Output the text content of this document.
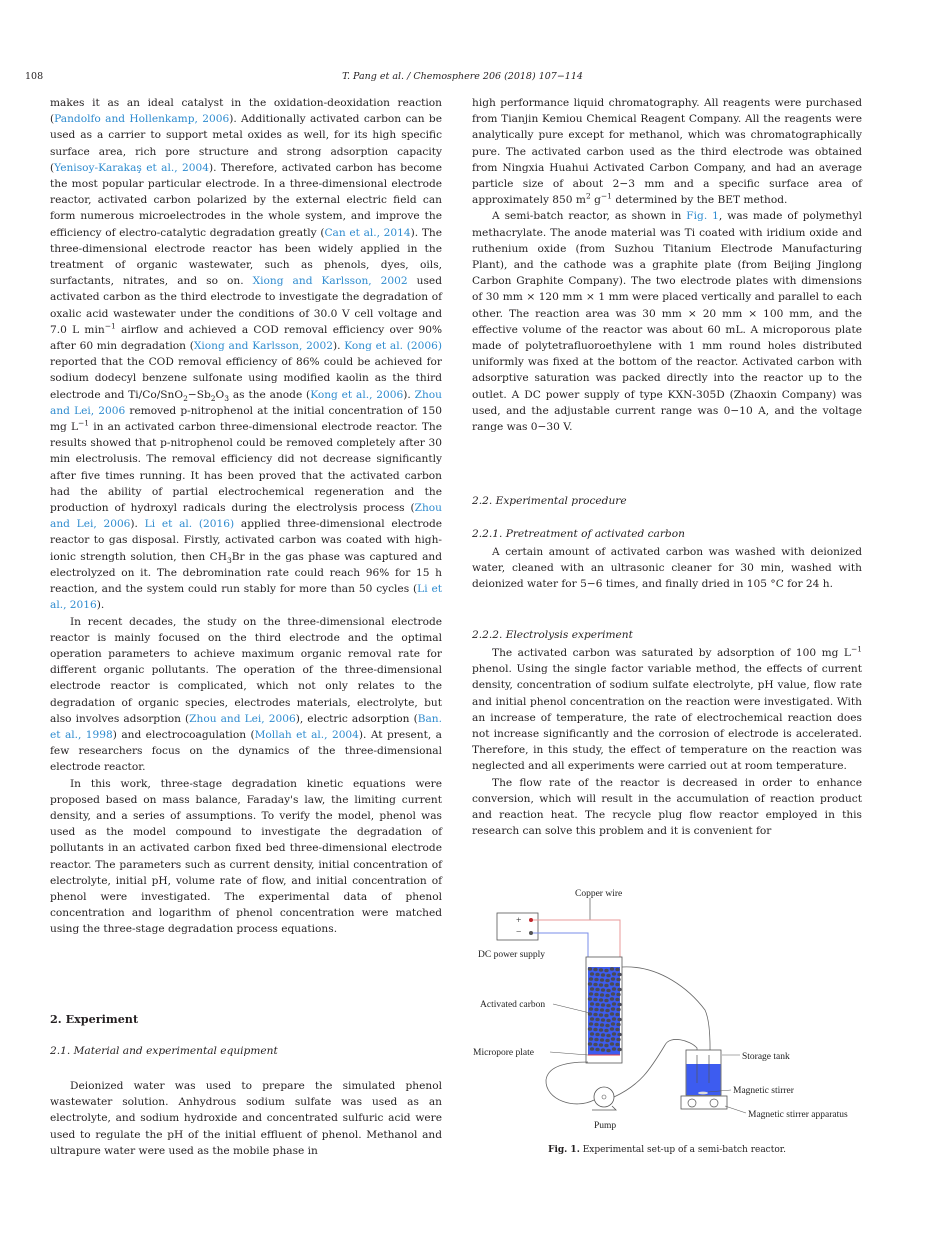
108	T. Pang et al. / Chemosphere 206 (2018) 107−114

makes it as an ideal catalyst in the oxidation-deoxidation reaction (Pandolfo and Hollenkamp, 2006). Additionally activated carbon can be used as a carrier to support metal oxides as well, for its high specific surface area, rich pore structure and strong adsorption capacity (Yenisoy-Karakaş et al., 2004). Therefore, activated carbon has become the most popular particular electrode. In a three-dimensional electrode reactor, activated carbon polarized by the external electric field can form numerous microelectrodes in the whole system, and improve the efficiency of electro-catalytic degradation greatly (Can et al., 2014). The three-dimensional electrode reactor has been widely applied in the treatment of organic wastewater, such as phenols, dyes, oils, surfactants, nitrates, and so on. Xiong and Karlsson, 2002 used activated carbon as the third electrode to investigate the degradation of oxalic acid wastewater under the conditions of 30.0 V cell voltage and 7.0 L $\min^{-1}$ airflow and achieved a COD removal efficiency over 90% after 60 min degradation (Xiong and Karlsson, 2002). Kong et al. (2006) reported that the COD removal efficiency of 86% could be achieved for sodium dodecyl benzene sulfonate using modified kaolin as the third electrode and $Ti/Co/SnO_2-Sb_2O_3$ as the anode (Kong et al., 2006). Zhou and Lei, 2006 removed p-nitrophenol at the initial concentration of 150 mg $L^{-1}$ in an activated carbon three-dimensional electrode reactor. The results showed that p-nitrophenol could be removed completely after 30 min electrolusis. The removal efficiency did not decrease significantly after five times running. It has been proved that the activated carbon had the ability of partial electrochemical regeneration and the production of hydroxyl radicals during the electrolysis process (Zhou and Lei, 2006). Li et al. (2016) applied three-dimensional electrode reactor to gas disposal. Firstly, activated carbon was coated with high-ionic strength solution, then $CH_3Br$ in the gas phase was captured and electrolyzed on it. The debromination rate could reach 96% for 15 h reaction, and the system could run stably for more than 50 cycles (Li et al., 2016).

In recent decades, the study on the three-dimensional electrode reactor is mainly focused on the third electrode and the optimal operation parameters to achieve maximum organic removal rate for different organic pollutants. The operation of the three-dimensional electrode reactor is complicated, which not only relates to the degradation of organic species, electrodes materials, electrolyte, but also involves adsorption (Zhou and Lei, 2006), electric adsorption (Ban. et al., 1998) and electrocoagulation (Mollah et al., 2004). At present, a few researchers focus on the dynamics of the three-dimensional electrode reactor.

In this work, three-stage degradation kinetic equations were proposed based on mass balance, Faraday's law, the limiting current density, and a series of assumptions. To verify the model, phenol was used as the model compound to investigate the degradation of pollutants in an activated carbon fixed bed three-dimensional electrode reactor. The parameters such as current density, initial concentration of electrolyte, initial pH, volume rate of flow, and initial concentration of phenol were investigated. The experimental data of phenol concentration and logarithm of phenol concentration were matched using the three-stage degradation process equations.

2. Experiment
2.1. Material and experimental equipment

Deionized water was used to prepare the simulated phenol wastewater solution. Anhydrous sodium sulfate was used as an electrolyte, and sodium hydroxide and concentrated sulfuric acid were used to regulate the pH of the initial effluent of phenol. Methanol and ultrapure water were used as the mobile phase in

high performance liquid chromatography. All reagents were purchased from Tianjin Kemiou Chemical Reagent Company. All the reagents were analytically pure except for methanol, which was chromatographically pure. The activated carbon used as the third electrode was obtained from Ningxia Huahui Activated Carbon Company, and had an average particle size of about 2−3 mm and a specific surface area of approximately 850 $m^2$ $g^{-1}$ determined by the BET method.

A semi-batch reactor, as shown in Fig. 1, was made of polymethyl methacrylate. The anode material was Ti coated with iridium oxide and ruthenium oxide (from Suzhou Titanium Electrode Manufacturing Plant), and the cathode was a graphite plate (from Beijing Jinglong Carbon Graphite Company). The two electrode plates with dimensions of 30 mm × 120 mm × 1 mm were placed vertically and parallel to each other. The reaction area was 30 mm × 20 mm × 100 mm, and the effective volume of the reactor was about 60 mL. A microporous plate made of polytetrafluoroethylene with 1 mm round holes distributed uniformly was fixed at the bottom of the reactor. Activated carbon with adsorptive saturation was packed directly into the reactor up to the outlet. A DC power supply of type KXN-305D (Zhaoxin Company) was used, and the adjustable current range was 0−10 A, and the voltage range was 0−30 V.

2.2. Experimental procedure
2.2.1. Pretreatment of activated carbon

A certain amount of activated carbon was washed with deionized water, cleaned with an ultrasonic cleaner for 30 min, washed with deionized water for 5−6 times, and finally dried in 105 °C for 24 h.

2.2.2. Electrolysis experiment

The activated carbon was saturated by adsorption of 100 mg $L^{-1}$ phenol. Using the single factor variable method, the effects of current density, concentration of sodium sulfate electrolyte, pH value, flow rate and initial phenol concentration on the reaction were investigated. With an increase of temperature, the rate of electrochemical reaction does not increase significantly and the corrosion of electrode is accelerated. Therefore, in this study, the effect of temperature on the reaction was neglected and all experiments were carried out at room temperature.

The flow rate of the reactor is decreased in order to enhance conversion, which will result in the accumulation of reaction product and reaction heat. The recycle plug flow reactor employed in this research can solve this problem and it is convenient for

Copper wire
+
−
DC power supply
Activated carbon
Micropore plate
Pump
Storage tank
Magnetic stirrer
Magnetic stirrer apparatus
Fig. 1. Experimental set-up of a semi-batch reactor.
